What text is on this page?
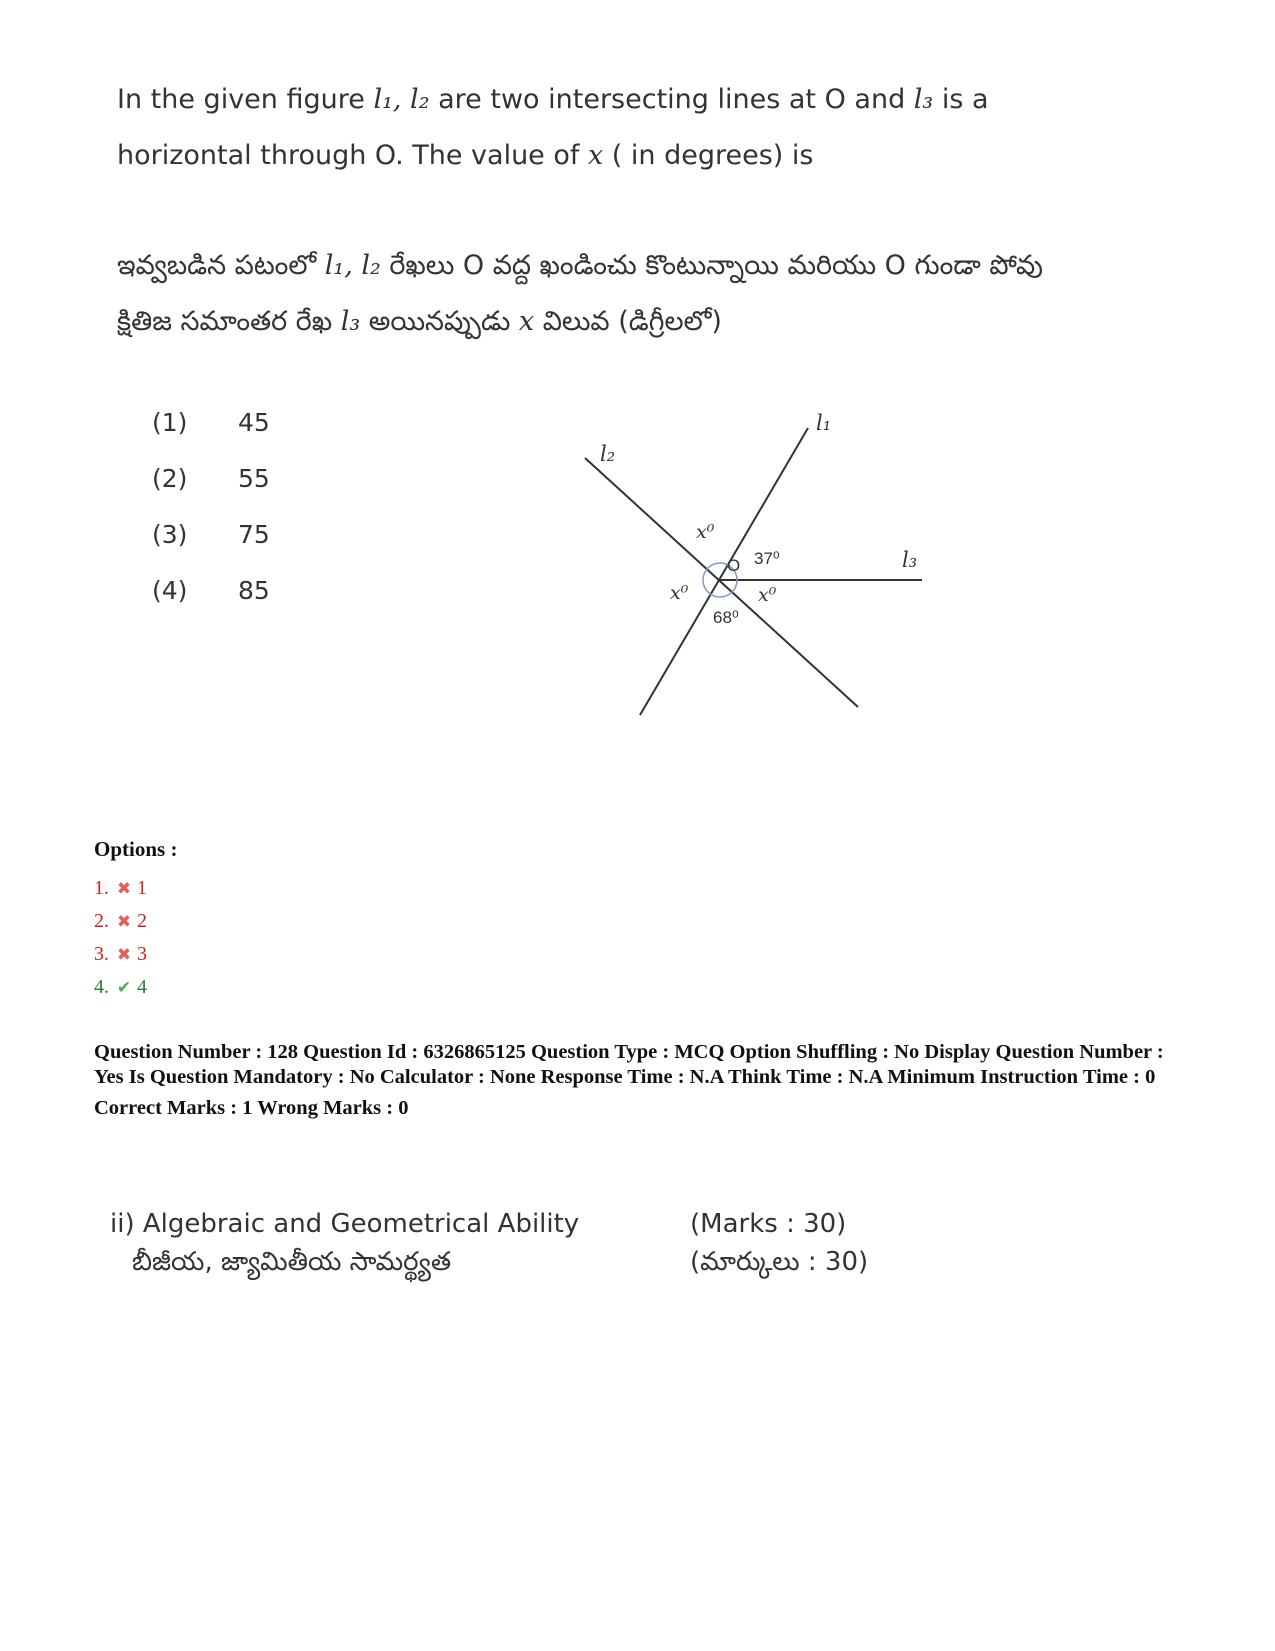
In the given figure l₁, l₂ are two intersecting lines at O and l₃ is a horizontal through O. The value of x ( in degrees) is
ఇవ్వబడిన పటంలో l₁, l₂ రేఖలు O వద్ద ఖండించు కొంటున్నాయి మరియు O గుండా పోవు క్షితిజ సమాంతర రేఖ l₃ అయినప్పుడు x విలువ (డిగ్రీలలో)
(1) 45
(2) 55
(3) 75
(4) 85
l₁
l₂
l₃
O
x⁰
x⁰	x⁰
37⁰
68⁰
Options :
1. ✖ 1
2. ✖ 2
3. ✖ 3
4. ✔ 4
Question Number : 128 Question Id : 6326865125 Question Type : MCQ Option Shuffling : No Display Question Number : Yes Is Question Mandatory : No Calculator : None Response Time : N.A Think Time : N.A Minimum Instruction Time : 0
Correct Marks : 1 Wrong Marks : 0
ii) Algebraic and Geometrical Ability	(Marks : 30)
బీజీయ, జ్యామితీయ సామర్థ్యత	(మార్కులు : 30)
